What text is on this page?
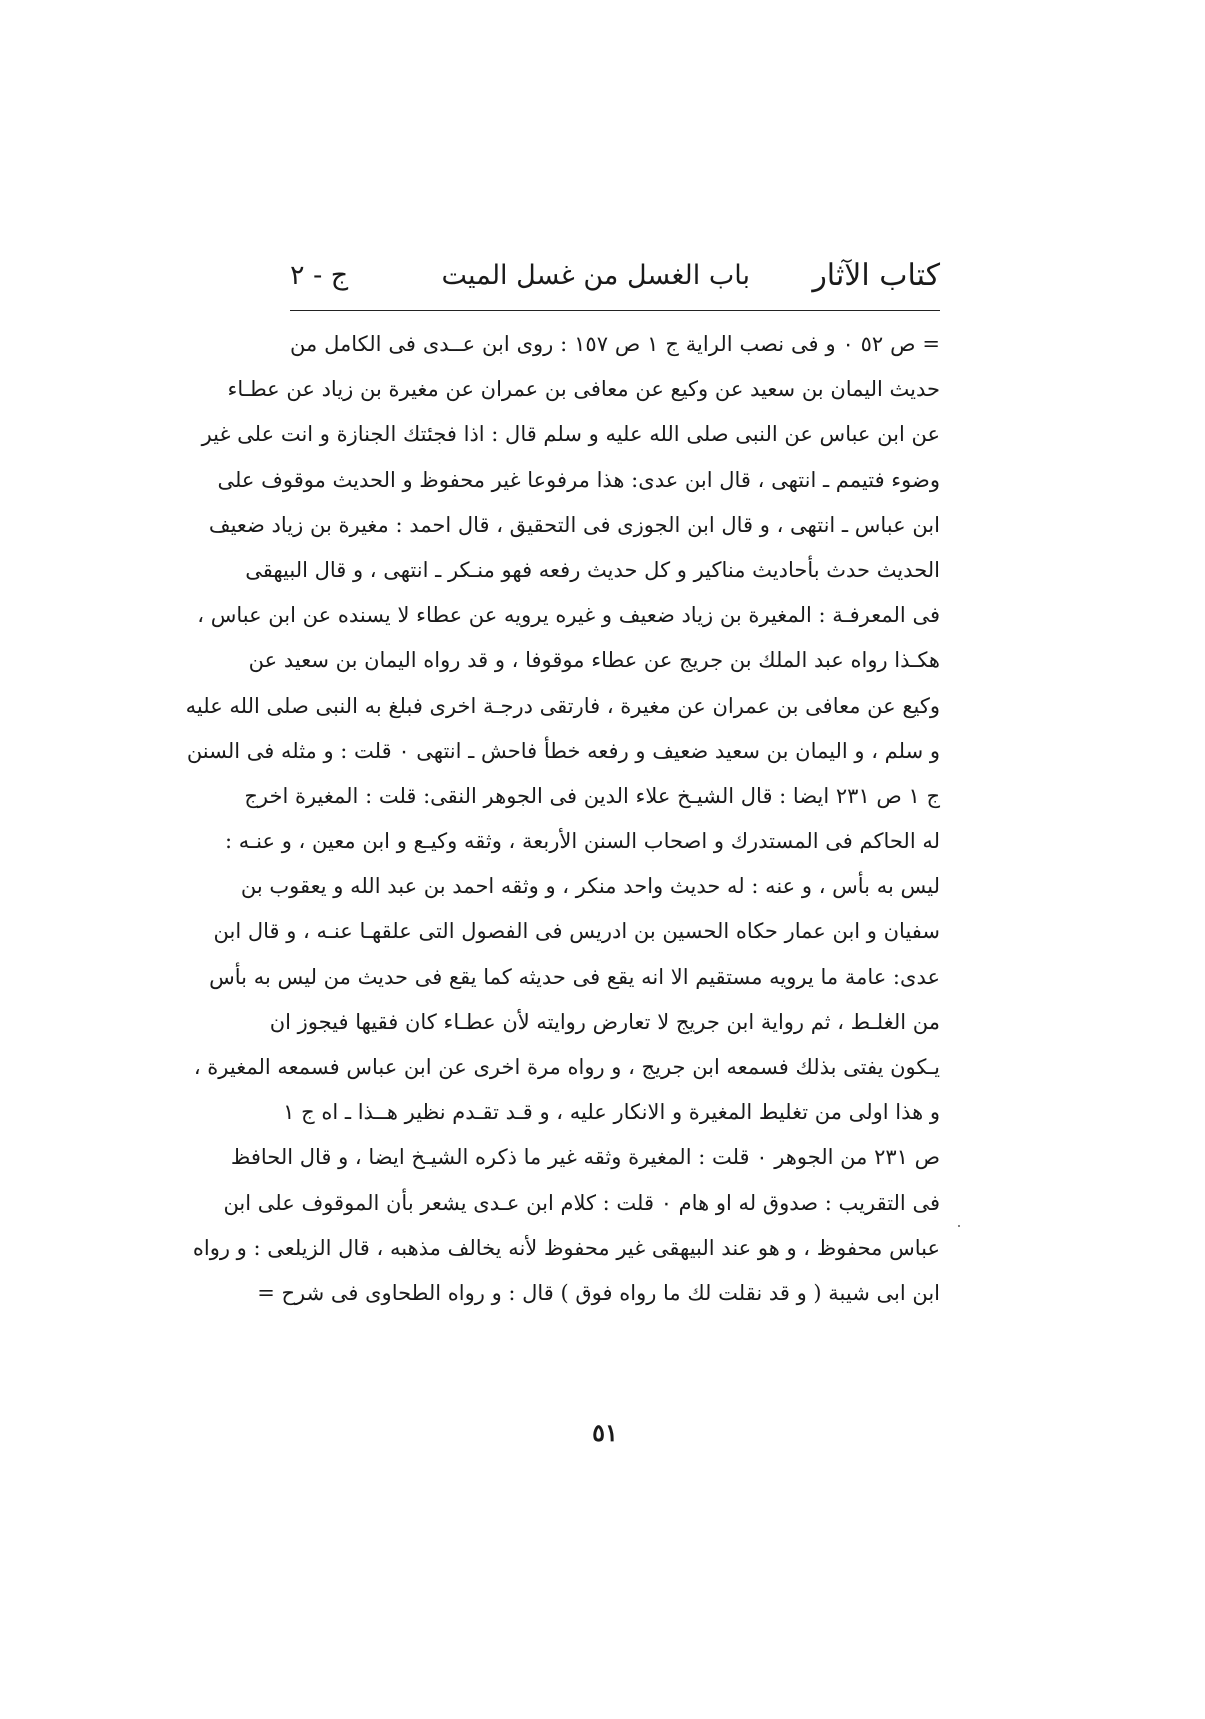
كتاب الآثار
باب الغسل من غسل الميت
ج - ٢
= ص ٥٢ ۰ و فى نصب الراية ج ١ ص ١٥٧ : روى ابن عــدى فى الكامل من
حديث اليمان بن سعيد عن وكيع عن معافى بن عمران عن مغيرة بن زياد عن عطـاء
عن ابن عباس عن النبى صلى الله عليه و سلم قال : اذا فجئتك الجنازة و انت على غير
وضوء فتيمم ـ انتهى ، قال ابن عدى: هذا مرفوعا غير محفوظ و الحديث موقوف على
ابن عباس ـ انتهى ، و قال ابن الجوزى فى التحقيق ، قال احمد : مغيرة بن زياد ضعيف
الحديث حدث بأحاديث مناكير و كل حديث رفعه فهو منـكر ـ انتهى ، و قال البيهقى
فى المعرفـة : المغيرة بن زياد ضعيف و غيره يرويه عن عطاء لا يسنده عن ابن عباس ،
هكـذا رواه عبد الملك بن جريج عن عطاء موقوفا ، و قد رواه اليمان بن سعيد عن
وكيع عن معافى بن عمران عن مغيرة ، فارتقى درجـة اخرى فبلغ به النبى صلى الله عليه
و سلم ، و اليمان بن سعيد ضعيف و رفعه خطأ فاحش ـ انتهى ۰ قلت : و مثله فى السنن
ج ١ ص ٢٣١ ايضا : قال الشيـخ علاء الدين فى الجوهر النقى: قلت : المغيرة اخرج
له الحاكم فى المستدرك و اصحاب السنن الأربعة ، وثقه وكيـع و ابن معين ، و عنـه :
ليس به بأس ، و عنه : له حديث واحد منكر ، و وثقه احمد بن عبد الله و يعقوب بن
سفيان و ابن عمار حكاه الحسين بن ادريس فى الفصول التى علقهـا عنـه ، و قال ابن
عدى: عامة ما يرويه مستقيم الا انه يقع فى حديثه كما يقع فى حديث من ليس به بأس
من الغلـط ، ثم رواية ابن جريج لا تعارض روايته لأن عطـاء كان فقيها فيجوز ان
يـكون يفتى بذلك فسمعه ابن جريج ، و رواه مرة اخرى عن ابن عباس فسمعه المغيرة ،
و هذا اولى من تغليط المغيرة و الانكار عليه ، و قـد تقـدم نظير هــذا ـ اه ج ١
ص ٢٣١ من الجوهر ۰ قلت : المغيرة وثقه غير ما ذكره الشيـخ ايضا ، و قال الحافظ
فى التقريب : صدوق له او هام ۰ قلت : كلام ابن عـدى يشعر بأن الموقوف على ابن
عباس محفوظ ، و هو عند البيهقى غير محفوظ لأنه يخالف مذهبه ، قال الزيلعى : و رواه
ابن ابى شيبة ( و قد نقلت لك ما رواه فوق ) قال : و رواه الطحاوى فى شرح =
٥١
